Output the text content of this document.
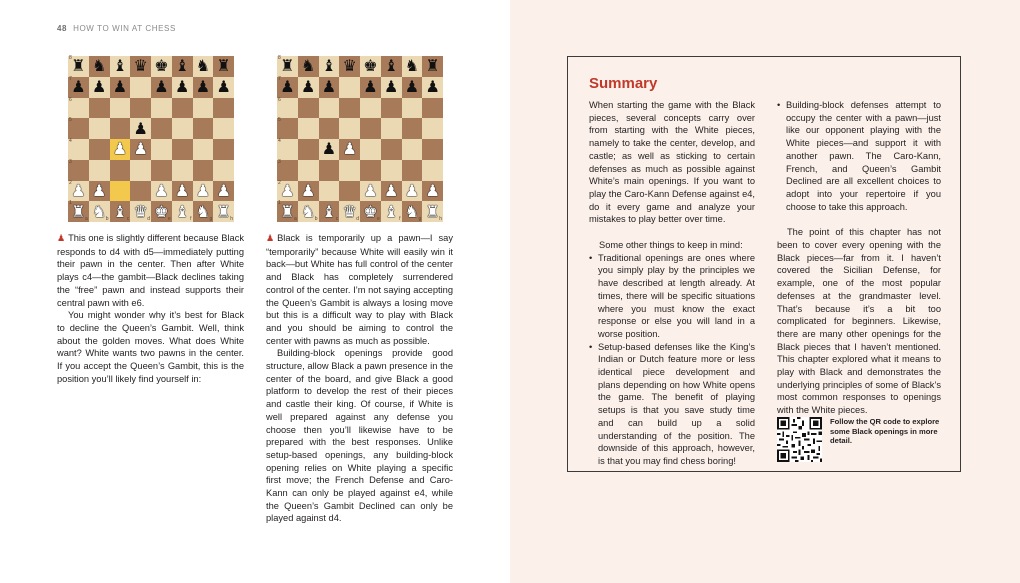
48 HOW TO WIN AT CHESS
8 ♜ ♞ ♝ ♛ ♚ ♝ ♞ ♜
7 ♟ ♟ ♟ ♟ ♟ ♟ ♟
6
5	♟
4	♟ ♟
3
2 ♟ ♟	♟ ♟ ♟ ♟
1
a
♜	b
♞	c
♝	d
♛	e
♚	f
♝	g
♞	h
♜
8 ♜ ♞ ♝ ♛ ♚ ♝ ♞ ♜
7 ♟ ♟ ♟ ♟ ♟ ♟ ♟
6
5
4	♟ ♟
3
2 ♟ ♟	♟ ♟ ♟ ♟
1
a
♜	b
♞	c
♝	d
♛	e
♚	f
♝	g
♞	h
♜

♟ This one is slightly different because Black responds to d4 with d5—immediately putting their pawn in the center. Then after White plays c4—the gambit—Black declines taking the “free” pawn and instead supports their central pawn with e6.

You might wonder why it’s best for Black to decline the Queen’s Gambit. Well, think about the golden moves. What does White want? White wants two pawns in the center. If you accept the Queen’s Gambit, this is the position you’ll likely find yourself in:

♟ Black is temporarily up a pawn—I say “temporarily” because White will easily win it back—but White has full control of the center and Black has completely surrendered control of the center. I’m not saying accepting the Queen’s Gambit is always a losing move but this is a difficult way to play with Black and you should be aiming to control the center with pawns as much as possible.

Building-block openings provide good structure, allow Black a pawn presence in the center of the board, and give Black a good platform to develop the rest of their pieces and castle their king. Of course, if White is well prepared against any defense you choose then you’ll likewise have to be prepared with the best responses. Unlike setup-based openings, any building-block opening relies on White playing a specific first move; the French Defense and Caro-Kann can only be played against e4, while the Queen’s Gambit Declined can only be played against d4.

Summary

When starting the game with the Black pieces, several concepts carry over from starting with the White pieces, namely to take the center, develop, and castle; as well as sticking to certain defenses as much as possible against White’s main openings. If you want to play the Caro-Kann Defense against e4, do it every game and analyze your mistakes to play better over time.

Some other things to keep in mind:

• Traditional openings are ones where you simply play by the principles we have described at length already. At times, there will be specific situations where you must know the exact response or else you will land in a worse position.
• Setup-based defenses like the King’s Indian or Dutch feature more or less identical piece development and plans depending on how White opens the game. The benefit of playing setups is that you save study time and can build up a solid understanding of the position. The downside of this approach, however, is that you may find chess boring!
• Building-block defenses attempt to occupy the center with a pawn—just like our opponent playing with the White pieces—and support it with another pawn. The Caro-Kann, French, and Queen’s Gambit Declined are all excellent choices to adopt into your repertoire if you choose to take this approach.

The point of this chapter has not been to cover every opening with the Black pieces—far from it. I haven’t covered the Sicilian Defense, for example, one of the most popular defenses at the grandmaster level. That’s because it’s a bit too complicated for beginners. Likewise, there are many other openings for the Black pieces that I haven’t mentioned. This chapter explored what it means to play with Black and demonstrates the underlying principles of some of Black’s most common responses to openings with the White pieces.

Follow the QR code to explore some Black openings in more detail.
